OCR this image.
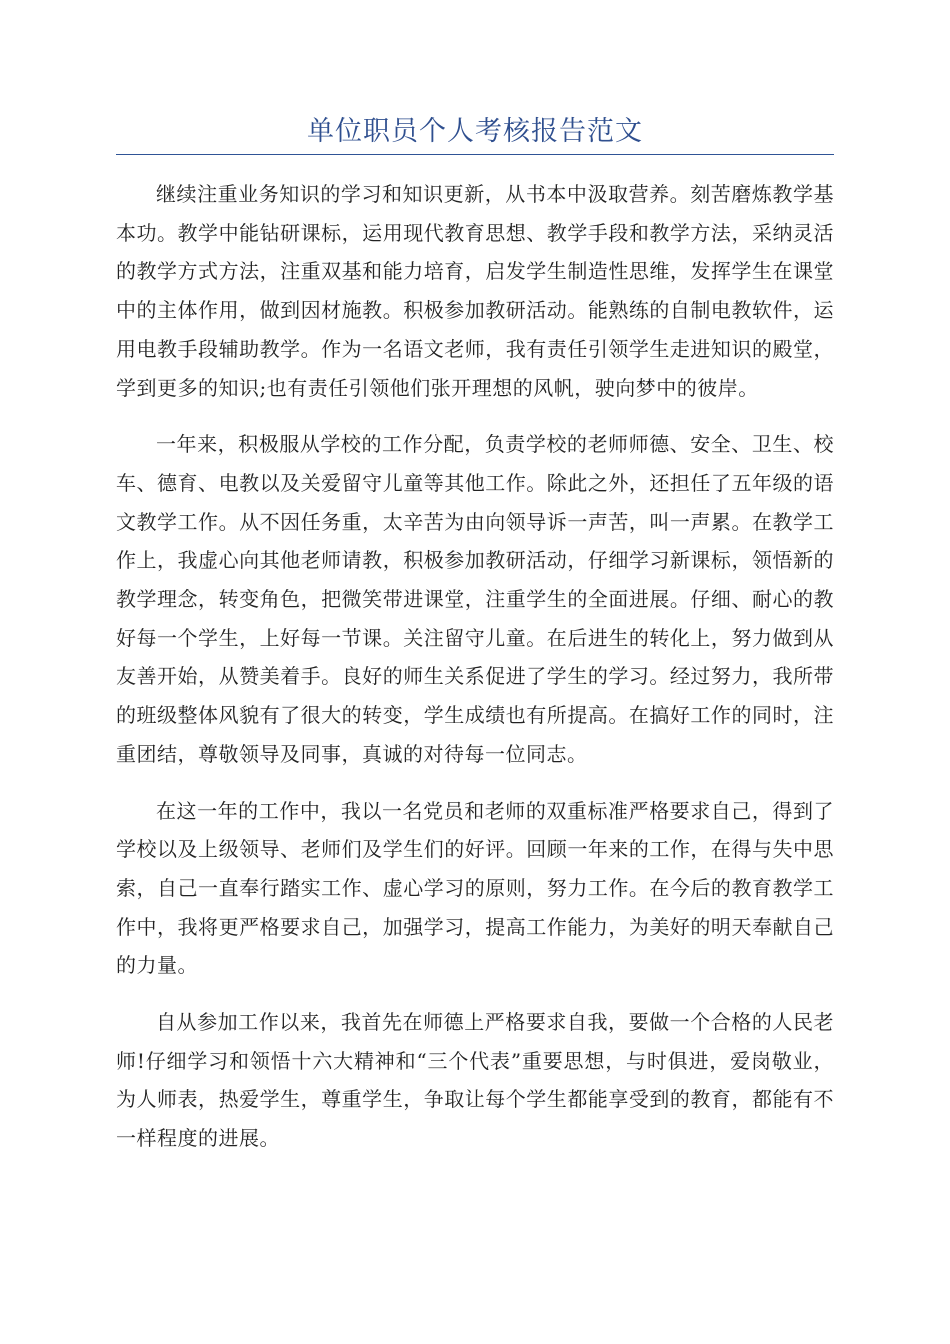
单位职员个人考核报告范文

继续注重业务知识的学习和知识更新，从书本中汲取营养。刻苦磨炼教学基本功。教学中能钻研课标，运用现代教育思想、教学手段和教学方法，采纳灵活的教学方式方法，注重双基和能力培育，启发学生制造性思维，发挥学生在课堂中的主体作用，做到因材施教。积极参加教研活动。能熟练的自制电教软件，运用电教手段辅助教学。作为一名语文老师，我有责任引领学生走进知识的殿堂，学到更多的知识;也有责任引领他们张开理想的风帆，驶向梦中的彼岸。

一年来，积极服从学校的工作分配，负责学校的老师师德、安全、卫生、校车、德育、电教以及关爱留守儿童等其他工作。除此之外，还担任了五年级的语文教学工作。从不因任务重，太辛苦为由向领导诉一声苦，叫一声累。在教学工作上，我虚心向其他老师请教，积极参加教研活动，仔细学习新课标，领悟新的教学理念，转变角色，把微笑带进课堂，注重学生的全面进展。仔细、耐心的教好每一个学生，上好每一节课。关注留守儿童。在后进生的转化上，努力做到从友善开始，从赞美着手。良好的师生关系促进了学生的学习。经过努力，我所带的班级整体风貌有了很大的转变，学生成绩也有所提高。在搞好工作的同时，注重团结，尊敬领导及同事，真诚的对待每一位同志。

在这一年的工作中，我以一名党员和老师的双重标准严格要求自己，得到了学校以及上级领导、老师们及学生们的好评。回顾一年来的工作，在得与失中思索，自己一直奉行踏实工作、虚心学习的原则，努力工作。在今后的教育教学工作中，我将更严格要求自己，加强学习，提高工作能力，为美好的明天奉献自己的力量。

自从参加工作以来，我首先在师德上严格要求自我，要做一个合格的人民老师!仔细学习和领悟十六大精神和“三个代表”重要思想，与时俱进，爱岗敬业，为人师表，热爱学生，尊重学生，争取让每个学生都能享受到的教育，都能有不一样程度的进展。
